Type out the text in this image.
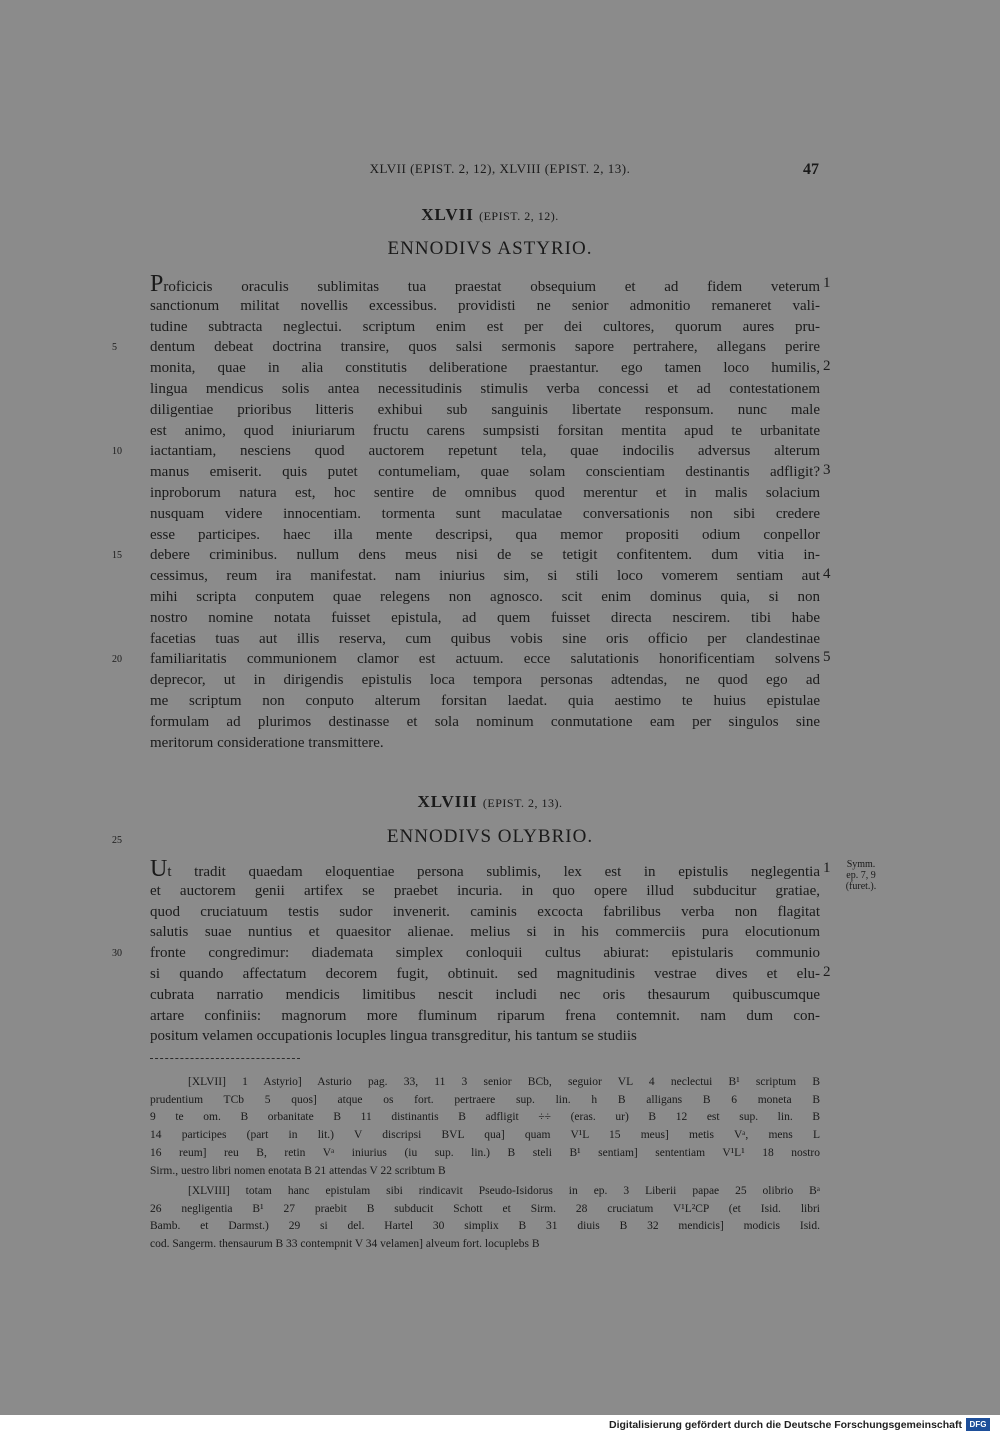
XLVII (EPIST. 2, 12), XLVIII (EPIST. 2, 13).	47
XLVII (EPIST. 2, 12).
ENNODIVS ASTYRIO.
Proficicis oraculis sublimitas tua praestat obsequium et ad fidem veterum
sanctionum militat novellis excessibus. providisti ne senior admonitio remaneret vali-
tudine subtracta neglectui. scriptum enim est per dei cultores, quorum aures pru-
dentum debeat doctrina transire, quos salsi sermonis sapore pertrahere, allegans perire
monita, quae in alia constitutis deliberatione praestantur. ego tamen loco humilis,
lingua mendicus solis antea necessitudinis stimulis verba concessi et ad contestationem
diligentiae prioribus litteris exhibui sub sanguinis libertate responsum. nunc male
est animo, quod iniuriarum fructu carens sumpsisti forsitan mentita apud te urbanitate
iactantiam, nesciens quod auctorem repetunt tela, quae indocilis adversus alterum
manus emiserit. quis putet contumeliam, quae solam conscientiam destinantis adfligit?
inproborum natura est, hoc sentire de omnibus quod merentur et in malis solacium
nusquam videre innocentiam. tormenta sunt maculatae conversationis non sibi credere
esse participes. haec illa mente descripsi, qua memor propositi odium conpellor
debere criminibus. nullum dens meus nisi de se tetigit confitentem. dum vitia in-
cessimus, reum ira manifestat. nam iniurius sim, si stili loco vomerem sentiam aut
mihi scripta conputem quae relegens non agnosco. scit enim dominus quia, si non
nostro nomine notata fuisset epistula, ad quem fuisset directa nescirem. tibi habe
facetias tuas aut illis reserva, cum quibus vobis sine oris officio per clandestinae
familiaritatis communionem clamor est actuum. ecce salutationis honorificentiam solvens
deprecor, ut in dirigendis epistulis loca tempora personas adtendas, ne quod ego ad
me scriptum non conputo alterum forsitan laedat. quia aestimo te huius epistulae
formulam ad plurimos destinasse et sola nominum conmutatione eam per singulos sine
meritorum consideratione transmittere.
5
10
15
20
1
2
3
4
5
XLVIII (EPIST. 2, 13).
ENNODIVS OLYBRIO.
Ut tradit quaedam eloquentiae persona sublimis, lex est in epistulis neglegentia
et auctorem genii artifex se praebet incuria. in quo opere illud subducitur gratiae,
quod cruciatuum testis sudor invenerit. caminis excocta fabrilibus verba non flagitat
salutis suae nuntius et quaesitor alienae. melius si in his commerciis pura elocutionum
fronte congredimur: diademata simplex conloquii cultus abiurat: epistularis communio
si quando affectatum decorem fugit, obtinuit. sed magnitudinis vestrae dives et elu-
cubrata narratio mendicis limitibus nescit includi nec oris thesaurum quibuscumque
artare confiniis: magnorum more fluminum riparum frena contemnit. nam dum con-
positum velamen occupationis locuples lingua transgreditur, his tantum se studiis
30
1
2
25
Symm.
ep. 7, 9
(furet.).
[XLVII] 1 Astyrio] Asturio pag. 33, 11 3 senior BCb, seguior VL 4 neclectui B¹ scriptum B
prudentium TCb 5 quos] atque os fort. pertraere sup. lin. h B alligans B 6 moneta B
9 te om. B orbanitate B 11 distinantis B adfligit ÷÷ (eras. ur) B 12 est sup. lin. B
14 participes (part in lit.) V discripsi BVL qua] quam V¹L 15 meus] metis Vᵃ, mens L
16 reum] reu B, retin Vᵃ iniurius (iu sup. lin.) B steli B¹ sentiam] sententiam V¹L¹ 18 nostro
Sirm., uestro libri nomen enotata B 21 attendas V 22 scribtum B
[XLVIII] totam hanc epistulam sibi rindicavit Pseudo-Isidorus in ep. 3 Liberii papae 25 olibrio Bᵃ
26 negligentia B¹ 27 praebit B subducit Schott et Sirm. 28 cruciatum V¹L²CP (et Isid. libri
Bamb. et Darmst.) 29 si del. Hartel 30 simplix B 31 diuis B 32 mendicis] modicis Isid.
cod. Sangerm. thensaurum B 33 contempnit V 34 velamen] alveum fort. locuplebs B
Digitalisierung gefördert durch die Deutsche Forschungsgemeinschaft DFG
